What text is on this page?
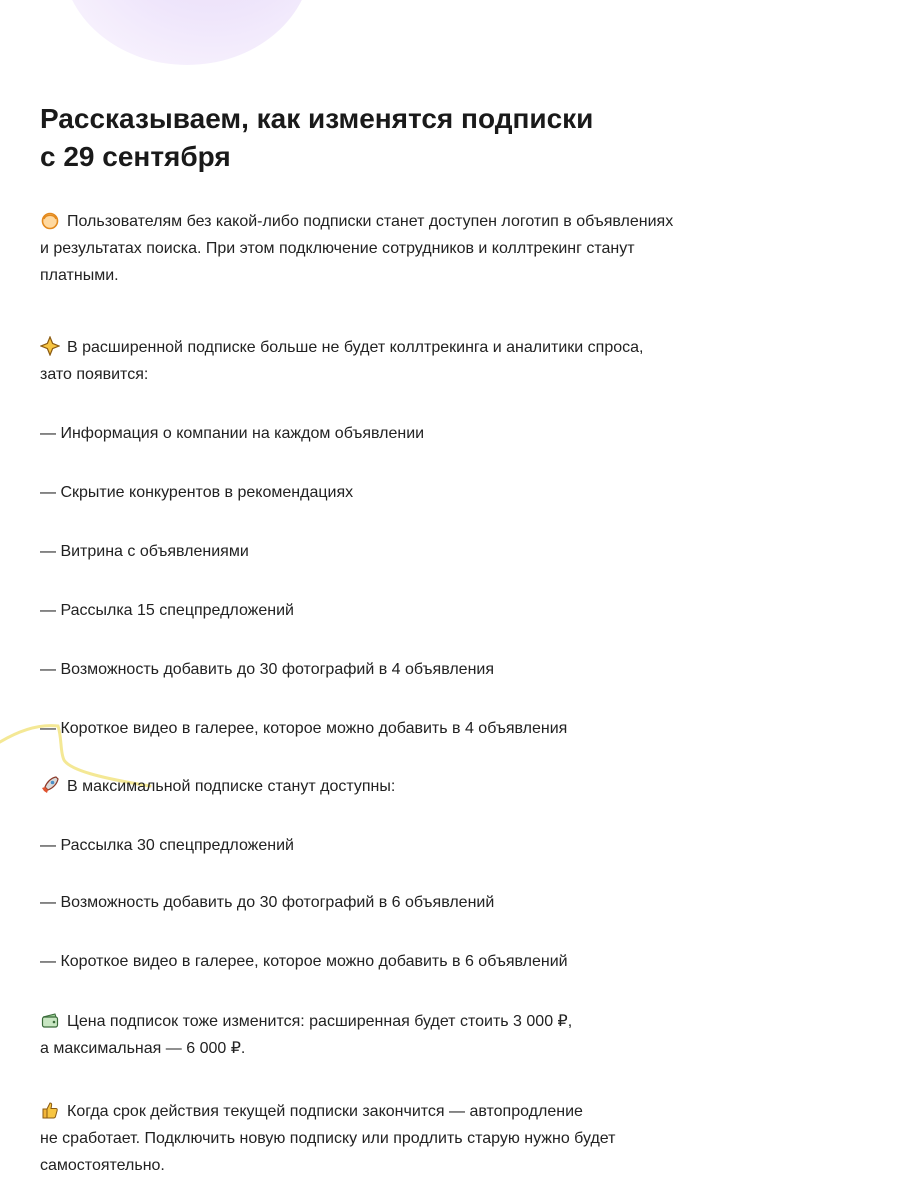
Рассказываем, как изменятся подписки
с 29 сентября
Пользователям без какой-либо подписки станет доступен логотип в объявлениях
и результатах поиска. При этом подключение сотрудников и коллтрекинг станут
платными.
В расширенной подписке больше не будет коллтрекинга и аналитики спроса,
зато появится:
— Информация о компании на каждом объявлении
— Скрытие конкурентов в рекомендациях
— Витрина с объявлениями
— Рассылка 15 спецпредложений
— Возможность добавить до 30 фотографий в 4 объявления
— Короткое видео в галерее, которое можно добавить в 4 объявления
В максимальной подписке станут доступны:
— Рассылка 30 спецпредложений
— Возможность добавить до 30 фотографий в 6 объявлений
— Короткое видео в галерее, которое можно добавить в 6 объявлений
Цена подписок тоже изменится: расширенная будет стоить 3 000 ₽,
а максимальная — 6 000 ₽.
Когда срок действия текущей подписки закончится — автопродление
не сработает. Подключить новую подписку или продлить старую нужно будет
самостоятельно.
